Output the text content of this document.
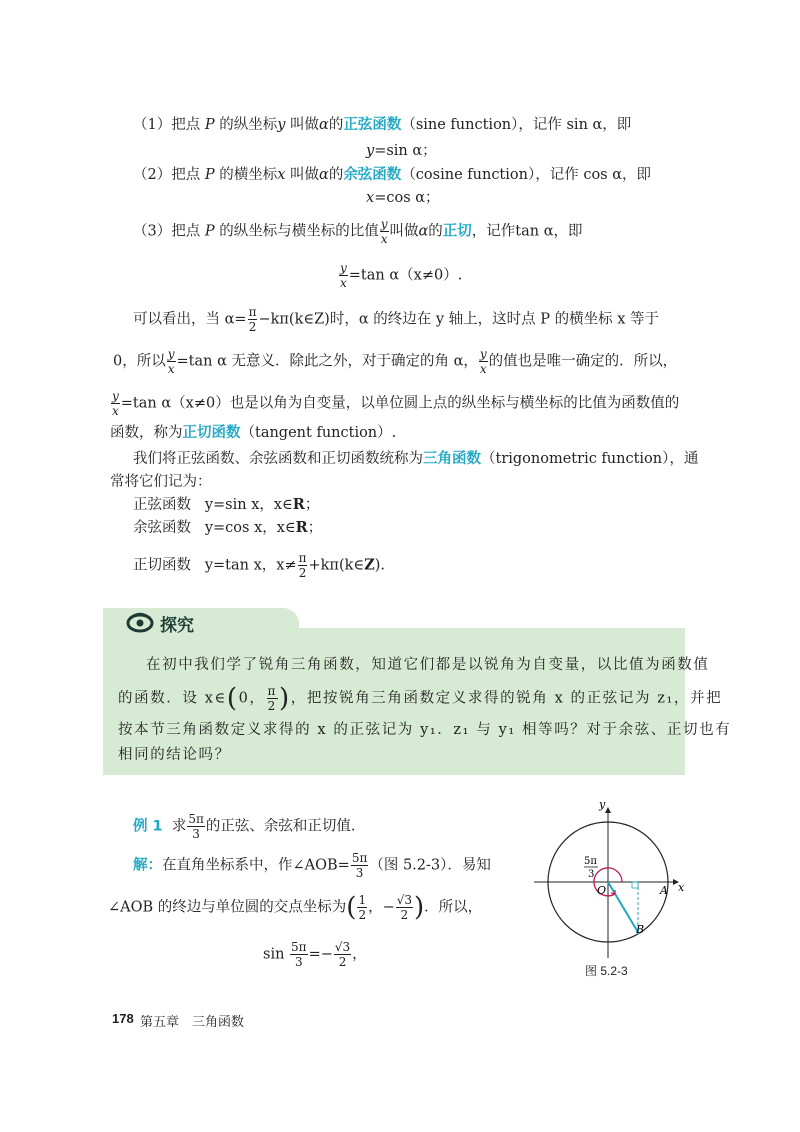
（1）把点 P 的纵坐标y 叫做α的正弦函数（sine function），记作 sin α，即
y=sin α；
（2）把点 P 的横坐标x 叫做α的余弦函数（cosine function），记作 cos α，即
x=cos α；
（3）把点 P 的纵坐标与横坐标的比值 $\frac{y}{x}$ 叫做α的正切，记作tan α，即
$\frac{y}{x} =\tan$ α（x≠0）.
可以看出，当 $\alpha= \frac{\pi}{2}$ −kπ(k∈Z)时，α 的终边在 y 轴上，这时点 P 的横坐标 x 等于
0，所以 $\frac{y}{x} =\tan$ α 无意义．除此之外，对于确定的角 α， $\frac{y}{x}$ 的值也是唯一确定的．所以，
$\frac{y}{x} =\tan$ α（x≠0）也是以角为自变量，以单位圆上点的纵坐标与横坐标的比值为函数值的
函数，称为正切函数（tangent function）.
我们将正弦函数、余弦函数和正切函数统称为三角函数（trigonometric function），通
常将它们记为：
正弦函数 y=sin x，x∈R；
余弦函数 y=cos x，x∈R；
正切函数 y=tan x，$x\ne \frac{\pi}{2}$ +kπ(k∈Z).
探究
在初中我们学了锐角三角函数，知道它们都是以锐角为自变量，以比值为函数值
的函数．设 x∈(0， $\frac{\pi}{2}$ )，把按锐角三角函数定义求得的锐角 x 的正弦记为 z₁，并把
按本节三角函数定义求得的 x 的正弦记为 y₁．z₁ 与 y₁ 相等吗？对于余弦、正切也有
相同的结论吗？
例 1 求 $\frac{5\pi}{3}$ 的正弦、余弦和正切值.
解：在直角坐标系中，作∠AOB= $\frac{5\pi}{3}$ （图 5.2-3）．易知
∠AOB 的终边与单位圆的交点坐标为( $\frac{1}{2}$ ，− $\frac{√3}{2}$ )．所以，
$\sin \frac{5\pi}{3} =- \frac{√3}{2}$ ，
y
x
O	A
B
5π
3
图 5.2-3
178 第五章　三角函数
